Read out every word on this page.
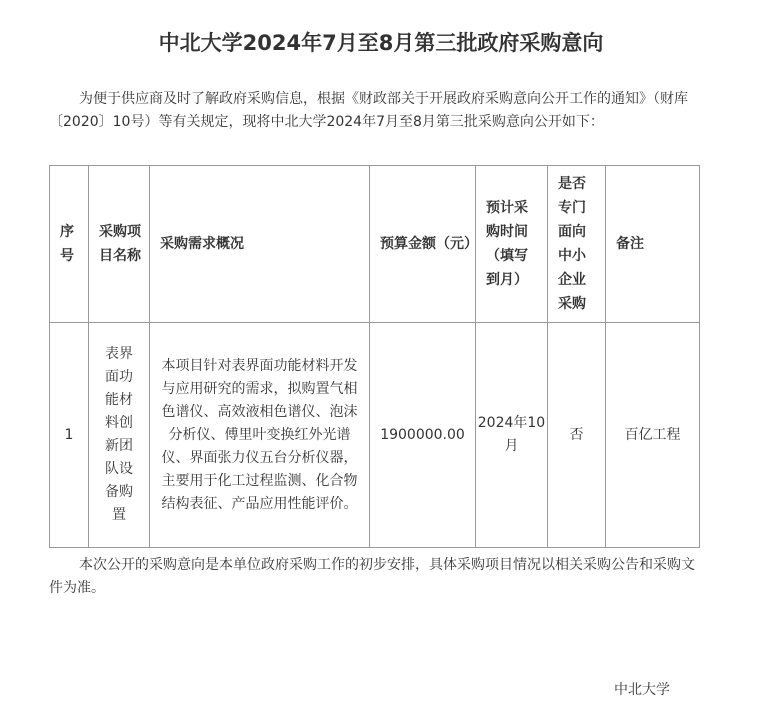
中北大学2024年7月至8月第三批政府采购意向

为便于供应商及时了解政府采购信息，根据《财政部关于开展政府采购意向公开工作的通知》（财库〔2020〕10号）等有关规定，现将中北大学2024年7月至8月第三批采购意向公开如下：

序号	采购项目名称	采购需求概况	预算金额（元）	预计采购时间（填写到月）	是否专门面向中小企业采购	备注
1	表界面功能材料创新团队设备购置	本项目针对表界面功能材料开发与应用研究的需求，拟购置气相色谱仪、高效液相色谱仪、泡沫分析仪、傅里叶变换红外光谱仪、界面张力仪五台分析仪器，主要用于化工过程监测、化合物结构表征、产品应用性能评价。	1900000.00	2024年10月	否	百亿工程

本次公开的采购意向是本单位政府采购工作的初步安排，具体采购项目情况以相关采购公告和采购文件为准。

中北大学
